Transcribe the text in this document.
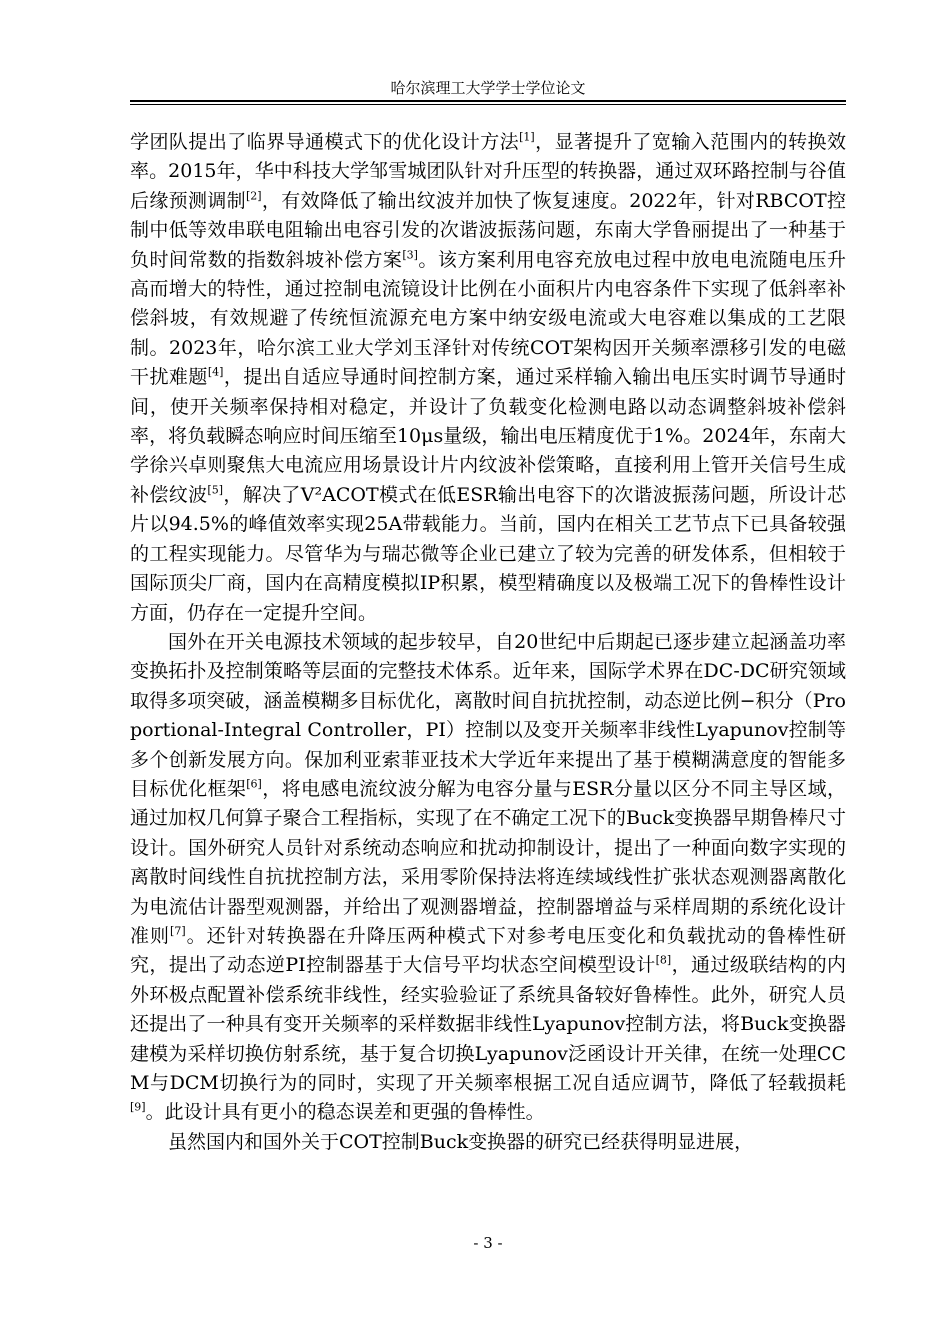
哈尔滨理工大学学士学位论文

学团队提出了临界导通模式下的优化设计方法[1]，显著提升了宽输入范围内的转换效率。2015年，华中科技大学邹雪城团队针对升压型的转换器，通过双环路控制与谷值后缘预测调制[2]，有效降低了输出纹波并加快了恢复速度。2022年，针对RBCOT控制中低等效串联电阻输出电容引发的次谐波振荡问题，东南大学鲁丽提出了一种基于负时间常数的指数斜坡补偿方案[3]。该方案利用电容充放电过程中放电电流随电压升高而增大的特性，通过控制电流镜设计比例在小面积片内电容条件下实现了低斜率补偿斜坡，有效规避了传统恒流源充电方案中纳安级电流或大电容难以集成的工艺限制。2023年，哈尔滨工业大学刘玉泽针对传统COT架构因开关频率漂移引发的电磁干扰难题[4]，提出自适应导通时间控制方案，通过采样输入输出电压实时调节导通时间，使开关频率保持相对稳定，并设计了负载变化检测电路以动态调整斜坡补偿斜率，将负载瞬态响应时间压缩至10μs量级，输出电压精度优于1%。2024年，东南大学徐兴卓则聚焦大电流应用场景设计片内纹波补偿策略，直接利用上管开关信号生成补偿纹波[5]，解决了V²ACOT模式在低ESR输出电容下的次谐波振荡问题，所设计芯片以94.5%的峰值效率实现25A带载能力。当前，国内在相关工艺节点下已具备较强的工程实现能力。尽管华为与瑞芯微等企业已建立了较为完善的研发体系，但相较于国际顶尖厂商，国内在高精度模拟IP积累，模型精确度以及极端工况下的鲁棒性设计方面，仍存在一定提升空间。

国外在开关电源技术领域的起步较早，自20世纪中后期起已逐步建立起涵盖功率变换拓扑及控制策略等层面的完整技术体系。近年来，国际学术界在DC-DC研究领域取得多项突破，涵盖模糊多目标优化，离散时间自抗扰控制，动态逆比例−积分（Proportional-Integral Controller，PI）控制以及变开关频率非线性Lyapunov控制等多个创新发展方向。保加利亚索菲亚技术大学近年来提出了基于模糊满意度的智能多目标优化框架[6]，将电感电流纹波分解为电容分量与ESR分量以区分不同主导区域，通过加权几何算子聚合工程指标，实现了在不确定工况下的Buck变换器早期鲁棒尺寸设计。国外研究人员针对系统动态响应和扰动抑制设计，提出了一种面向数字实现的离散时间线性自抗扰控制方法，采用零阶保持法将连续域线性扩张状态观测器离散化为电流估计器型观测器，并给出了观测器增益，控制器增益与采样周期的系统化设计准则[7]。还针对转换器在升降压两种模式下对参考电压变化和负载扰动的鲁棒性研究，提出了动态逆PI控制器基于大信号平均状态空间模型设计[8]，通过级联结构的内外环极点配置补偿系统非线性，经实验验证了系统具备较好鲁棒性。此外，研究人员还提出了一种具有变开关频率的采样数据非线性Lyapunov控制方法，将Buck变换器建模为采样切换仿射系统，基于复合切换Lyapunov泛函设计开关律，在统一处理CCM与DCM切换行为的同时，实现了开关频率根据工况自适应调节，降低了轻载损耗[9]。此设计具有更小的稳态误差和更强的鲁棒性。

虽然国内和国外关于COT控制Buck变换器的研究已经获得明显进展，

- 3 -
